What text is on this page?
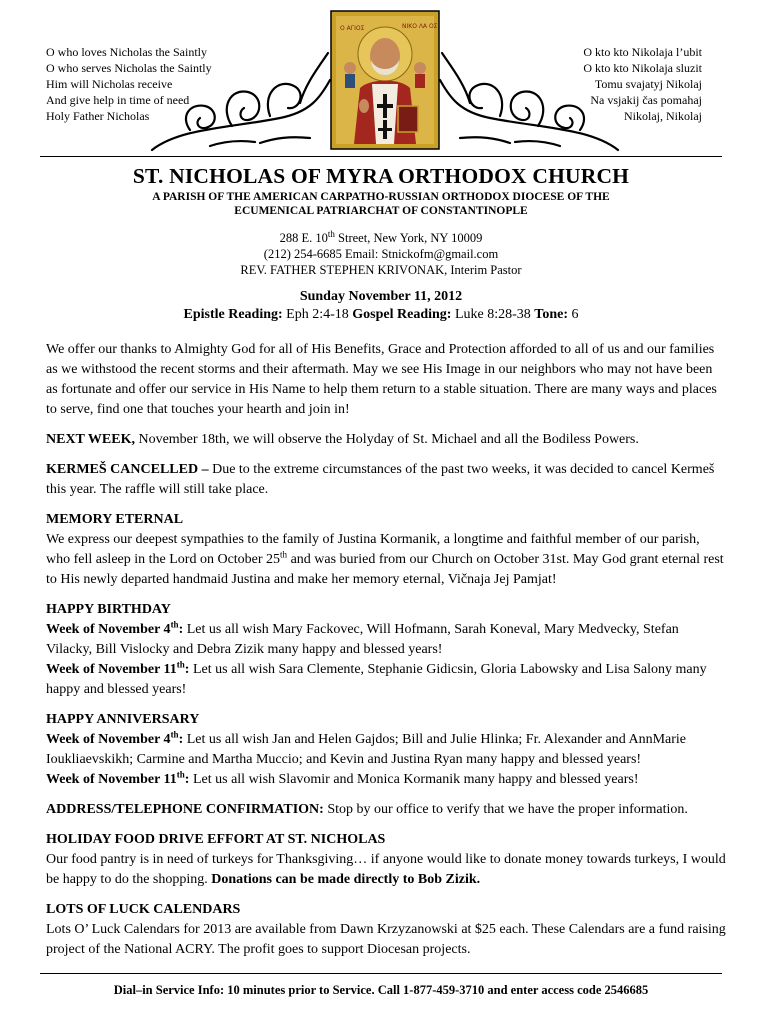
O who loves Nicholas the Saintly
O who serves Nicholas the Saintly
Him will Nicholas receive
And give help in time of need
Holy Father Nicholas
O kto kto Nikolaja l’ubit
O kto kto Nikolaja sluzit
Tomu svajatyj Nikolaj
Na vsjakij čas pomahaj
Nikolaj, Nikolaj
Ο ΑΓΙΟΣ	ΝΙΚΟ ΛΑ ΟΣ
ST. NICHOLAS OF MYRA ORTHODOX CHURCH
A PARISH OF THE AMERICAN CARPATHO-RUSSIAN ORTHODOX DIOCESE OF THE
ECUMENICAL PATRIARCHAT OF CONSTANTINOPLE
288 E. 10th Street, New York, NY 10009
(212) 254-6685 Email: Stnickofm@gmail.com
REV. FATHER STEPHEN KRIVONAK, Interim Pastor
Sunday November 11, 2012
Epistle Reading: Eph 2:4-18 Gospel Reading: Luke 8:28-38 Tone: 6

We offer our thanks to Almighty God for all of His Benefits, Grace and Protection afforded to all of us and our families as we withstood the recent storms and their aftermath. May we see His Image in our neighbors who may not have been as fortunate and offer our service in His Name to help them return to a stable situation. There are many ways and places to serve, find one that touches your hearth and join in!

NEXT WEEK, November 18th, we will observe the Holyday of St. Michael and all the Bodiless Powers.

KERMEŠ CANCELLED – Due to the extreme circumstances of the past two weeks, it was decided to cancel Kermeš this year. The raffle will still take place.

MEMORY ETERNAL

We express our deepest sympathies to the family of Justina Kormanik, a longtime and faithful member of our parish, who fell asleep in the Lord on October 25th and was buried from our Church on October 31st. May God grant eternal rest to His newly departed handmaid Justina and make her memory eternal, Vičnaja Jej Pamjat!

HAPPY BIRTHDAY

Week of November 4th: Let us all wish Mary Fackovec, Will Hofmann, Sarah Koneval, Mary Medvecky, Stefan Vilacky, Bill Vislocky and Debra Zizik many happy and blessed years!

Week of November 11th: Let us all wish Sara Clemente, Stephanie Gidicsin, Gloria Labowsky and Lisa Salony many happy and blessed years!

HAPPY ANNIVERSARY

Week of November 4th: Let us all wish Jan and Helen Gajdos; Bill and Julie Hlinka; Fr. Alexander and AnnMarie Ioukliaevskikh; Carmine and Martha Muccio; and Kevin and Justina Ryan many happy and blessed years!

Week of November 11th: Let us all wish Slavomir and Monica Kormanik many happy and blessed years!

ADDRESS/TELEPHONE CONFIRMATION: Stop by our office to verify that we have the proper information.

HOLIDAY FOOD DRIVE EFFORT AT ST. NICHOLAS

Our food pantry is in need of turkeys for Thanksgiving… if anyone would like to donate money towards turkeys, I would be happy to do the shopping. Donations can be made directly to Bob Zizik.

LOTS OF LUCK CALENDARS

Lots O’ Luck Calendars for 2013 are available from Dawn Krzyzanowski at $25 each. These Calendars are a fund raising project of the National ACRY. The profit goes to support Diocesan projects.

Dial–in Service Info: 10 minutes prior to Service. Call 1-877-459-3710 and enter access code 2546685
